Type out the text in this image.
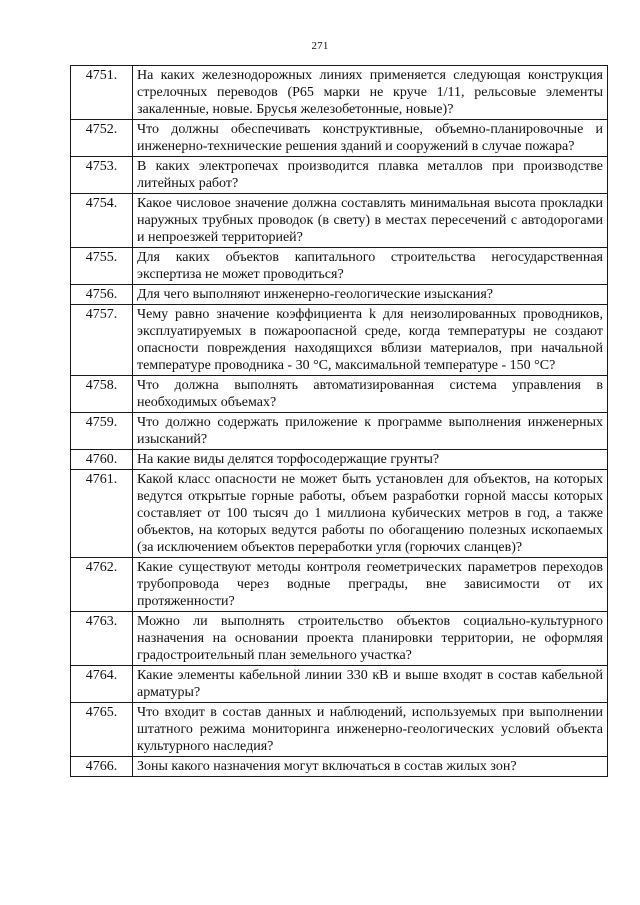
271
4751.	На каких железнодорожных линиях применяется следующая конструкция стрелочных переводов (Р65 марки не круче 1/11, рельсовые элементы закаленные, новые. Брусья железобетонные, новые)?
4752.	Что должны обеспечивать конструктивные, объемно-планировочные и инженерно-технические решения зданий и сооружений в случае пожара?
4753.	В каких электропечах производится плавка металлов при производстве литейных работ?
4754.	Какое числовое значение должна составлять минимальная высота прокладки наружных трубных проводок (в свету) в местах пересечений с автодорогами и непроезжей территорией?
4755.	Для каких объектов капитального строительства негосударственная экспертиза не может проводиться?
4756.	Для чего выполняют инженерно-геологические изыскания?
4757.	Чему равно значение коэффициента k для неизолированных проводников, эксплуатируемых в пожароопасной среде, когда температуры не создают опасности повреждения находящихся вблизи материалов, при начальной температуре проводника - 30 °С, максимальной температуре - 150 °С?
4758.	Что должна выполнять автоматизированная система управления в необходимых объемах?
4759.	Что должно содержать приложение к программе выполнения инженерных изысканий?
4760.	На какие виды делятся торфосодержащие грунты?
4761.	Какой класс опасности не может быть установлен для объектов, на которых ведутся открытые горные работы, объем разработки горной массы которых составляет от 100 тысяч до 1 миллиона кубических метров в год, а также объектов, на которых ведутся работы по обогащению полезных ископаемых (за исключением объектов переработки угля (горючих сланцев)?
4762.	Какие существуют методы контроля геометрических параметров переходов трубопровода через водные преграды, вне зависимости от их протяженности?
4763.	Можно ли выполнять строительство объектов социально-культурного назначения на основании проекта планировки территории, не оформляя градостроительный план земельного участка?
4764.	Какие элементы кабельной линии 330 кВ и выше входят в состав кабельной арматуры?
4765.	Что входит в состав данных и наблюдений, используемых при выполнении штатного режима мониторинга инженерно-геологических условий объекта культурного наследия?
4766.	Зоны какого назначения могут включаться в состав жилых зон?
